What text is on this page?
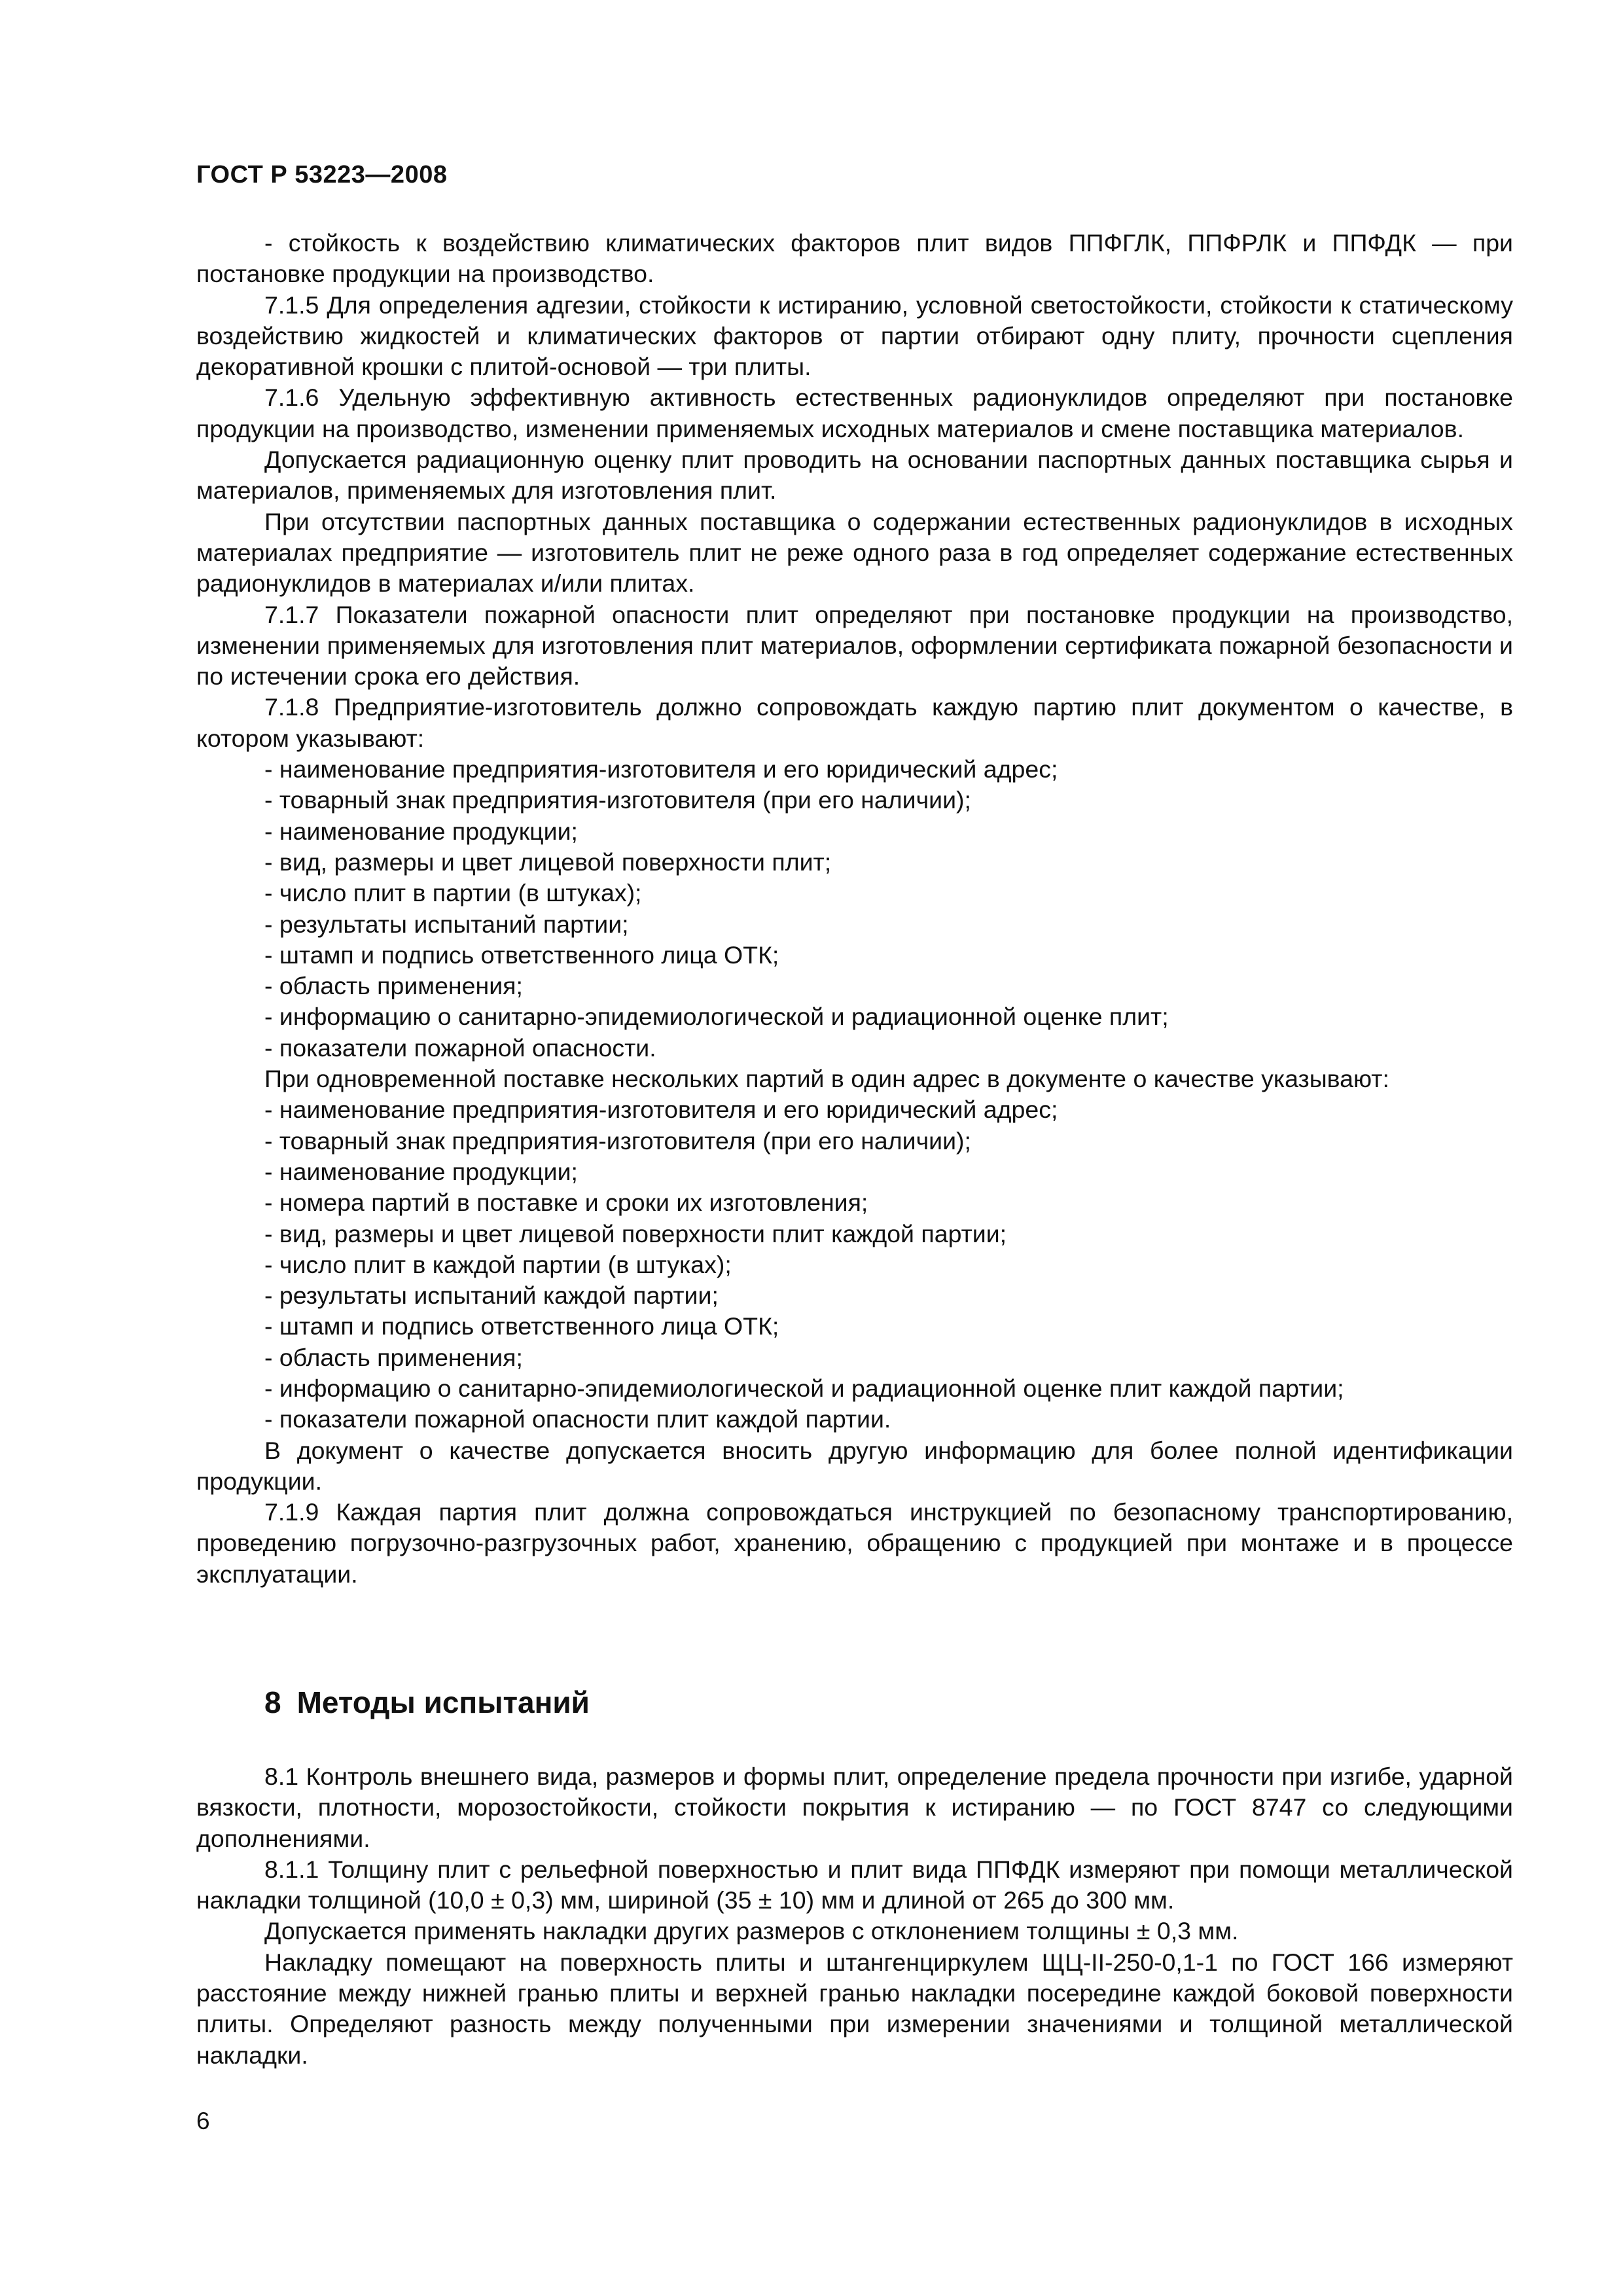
ГОСТ Р 53223—2008

- стойкость к воздействию климатических факторов плит видов ППФГЛК, ППФРЛК и ППФДК — при постановке продукции на производство.

7.1.5 Для определения адгезии, стойкости к истиранию, условной светостойкости, стойкости к статическому воздействию жидкостей и климатических факторов от партии отбирают одну плиту, прочности сцепления декоративной крошки с плитой-основой — три плиты.

7.1.6 Удельную эффективную активность естественных радионуклидов определяют при постановке продукции на производство, изменении применяемых исходных материалов и смене поставщика материалов.

Допускается радиационную оценку плит проводить на основании паспортных данных поставщика сырья и материалов, применяемых для изготовления плит.

При отсутствии паспортных данных поставщика о содержании естественных радионуклидов в исходных материалах предприятие — изготовитель плит не реже одного раза в год определяет содержание естественных радионуклидов в материалах и/или плитах.

7.1.7 Показатели пожарной опасности плит определяют при постановке продукции на производство, изменении применяемых для изготовления плит материалов, оформлении сертификата пожарной безопасности и по истечении срока его действия.

7.1.8 Предприятие-изготовитель должно сопровождать каждую партию плит документом о качестве, в котором указывают:

- наименование предприятия-изготовителя и его юридический адрес;
- товарный знак предприятия-изготовителя (при его наличии);
- наименование продукции;
- вид, размеры и цвет лицевой поверхности плит;
- число плит в партии (в штуках);
- результаты испытаний партии;
- штамп и подпись ответственного лица ОТК;
- область применения;
- информацию о санитарно-эпидемиологической и радиационной оценке плит;
- показатели пожарной опасности.

При одновременной поставке нескольких партий в один адрес в документе о качестве указывают:

- наименование предприятия-изготовителя и его юридический адрес;
- товарный знак предприятия-изготовителя (при его наличии);
- наименование продукции;
- номера партий в поставке и сроки их изготовления;
- вид, размеры и цвет лицевой поверхности плит каждой партии;
- число плит в каждой партии (в штуках);
- результаты испытаний каждой партии;
- штамп и подпись ответственного лица ОТК;
- область применения;
- информацию о санитарно-эпидемиологической и радиационной оценке плит каждой партии;
- показатели пожарной опасности плит каждой партии.

В документ о качестве допускается вносить другую информацию для более полной идентификации продукции.

7.1.9 Каждая партия плит должна сопровождаться инструкцией по безопасному транспортированию, проведению погрузочно-разгрузочных работ, хранению, обращению с продукцией при монтаже и в процессе эксплуатации.

8 Методы испытаний

8.1 Контроль внешнего вида, размеров и формы плит, определение предела прочности при изгибе, ударной вязкости, плотности, морозостойкости, стойкости покрытия к истиранию — по ГОСТ 8747 со следующими дополнениями.

8.1.1 Толщину плит с рельефной поверхностью и плит вида ППФДК измеряют при помощи металлической накладки толщиной (10,0 ± 0,3) мм, шириной (35 ± 10) мм и длиной от 265 до 300 мм.

Допускается применять накладки других размеров с отклонением толщины ± 0,3 мм.

Накладку помещают на поверхность плиты и штангенциркулем ЩЦ-II-250-0,1-1 по ГОСТ 166 измеряют расстояние между нижней гранью плиты и верхней гранью накладки посередине каждой боковой поверхности плиты. Определяют разность между полученными при измерении значениями и толщиной металлической накладки.

6
